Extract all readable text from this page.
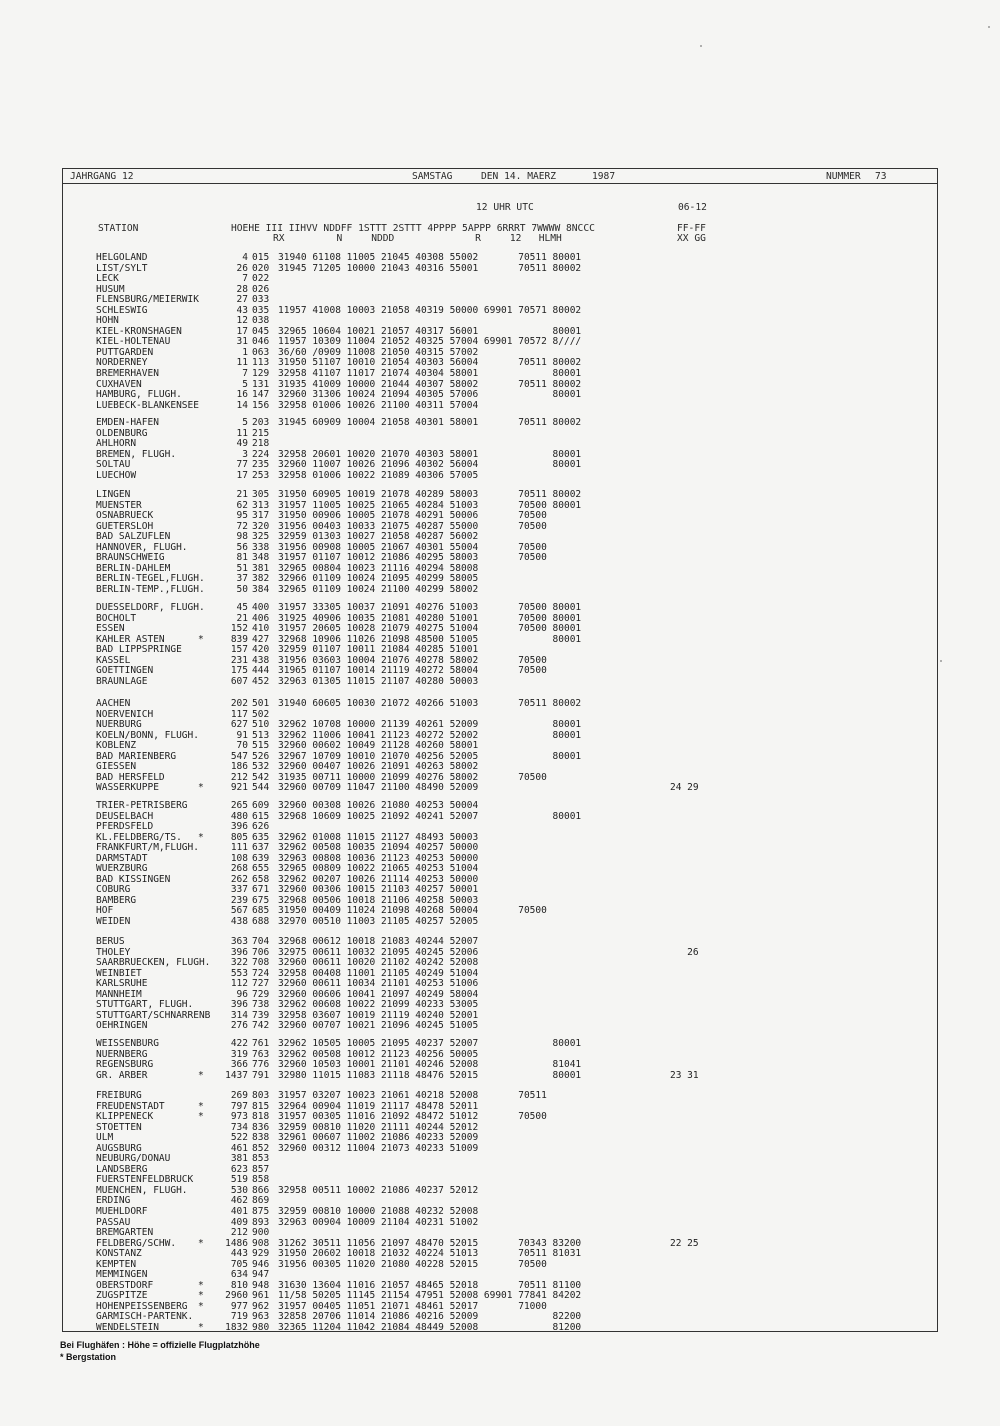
JAHRGANG 12	SAMSTAG	DEN 14. MAERZ	1987	NUMMER 73
12 UHR UTC	06-12
STATION	HOEHE III IIHVV NDDFF 1STTT 2STTT 4PPPP 5APPP 6RRRT 7WWWW 8NCCC
RX         N     NDDD              R     12   HLMH
FF-FF
XX GG
HELGOLAND	4 015 31940 61108 11005 21045 40308 55002       70511 80001
LIST/SYLT	26 020 31945 71205 10000 21043 40316 55001       70511 80002
LECK	7 022
HUSUM	28 026
FLENSBURG/MEIERWIK	27 033
SCHLESWIG	43 035 11957 41008 10003 21058 40319 50000 69901 70571 80002
HOHN	12 038
KIEL-KRONSHAGEN	17 045 32965 10604 10021 21057 40317 56001             80001
KIEL-HOLTENAU	31 046 11957 10309 11004 21052 40325 57004 69901 70572 8////
PUTTGARDEN	1 063 36/60 /0909 11008 21050 40315 57002
NORDERNEY	11 113 31950 51107 10010 21054 40303 56004       70511 80002
BREMERHAVEN	7 129 32958 41107 11017 21074 40304 58001             80001
CUXHAVEN	5 131 31935 41009 10000 21044 40307 58002       70511 80002
HAMBURG, FLUGH.	16 147 32960 31306 10024 21094 40305 57006             80001
LUEBECK-BLANKENSEE	14 156 32958 01006 10026 21100 40311 57004
EMDEN-HAFEN	5 203 31945 60909 10004 21058 40301 58001       70511 80002
OLDENBURG	11 215
AHLHORN	49 218
BREMEN, FLUGH.	3 224 32958 20601 10020 21070 40303 58001             80001
SOLTAU	77 235 32960 11007 10026 21096 40302 56004             80001
LUECHOW	17 253 32958 01006 10022 21089 40306 57005
LINGEN	21 305 31950 60905 10019 21078 40289 58003       70511 80002
MUENSTER	62 313 31957 11005 10025 21065 40284 51003       70500 80001
OSNABRUECK	95 317 31950 00906 10005 21078 40291 50006       70500
GUETERSLOH	72 320 31956 00403 10033 21075 40287 55000       70500
BAD SALZUFLEN	98 325 32959 01303 10027 21058 40287 56002
HANNOVER, FLUGH.	56 338 31956 00908 10005 21067 40301 55004       70500
BRAUNSCHWEIG	81 348 31957 01107 10012 21086 40295 58003       70500
BERLIN-DAHLEM	51 381 32965 00804 10023 21116 40294 58008
BERLIN-TEGEL,FLUGH.	37 382 32966 01109 10024 21095 40299 58005
BERLIN-TEMP.,FLUGH.	50 384 32965 01109 10024 21100 40299 58002
DUESSELDORF, FLUGH.	45 400 31957 33305 10037 21091 40276 51003       70500 80001
BOCHOLT	21 406 31925 40906 10035 21081 40280 51001       70500 80001
ESSEN	152 410 31957 20605 10028 21079 40275 51004       70500 80001
KAHLER ASTEN	*	839 427 32968 10906 11026 21098 48500 51005             80001
BAD LIPPSPRINGE	157 420 32959 01107 10011 21084 40285 51001
KASSEL	231 438 31956 03603 10004 21076 40278 58002       70500
GOETTINGEN	175 444 31965 01107 10014 21119 40272 58004       70500
BRAUNLAGE	607 452 32963 01305 11015 21107 40280 50003
AACHEN	202 501 31940 60605 10030 21072 40266 51003       70511 80002
NOERVENICH	117 502
NUERBURG	627 510 32962 10708 10000 21139 40261 52009             80001
KOELN/BONN, FLUGH.	91 513 32962 11006 10041 21123 40272 52002             80001
KOBLENZ	70 515 32960 00602 10049 21128 40260 58001
BAD MARIENBERG	547 526 32967 10709 10010 21070 40256 52005             80001
GIESSEN	186 532 32960 00407 10026 21091 40263 58002
BAD HERSFELD	212 542 31935 00711 10000 21099 40276 58002       70500
WASSERKUPPE	*	921 544 32960 00709 11047 21100 48490 52009	24 29
TRIER-PETRISBERG	265 609 32960 00308 10026 21080 40253 50004
DEUSELBACH	480 615 32968 10609 10025 21092 40241 52007             80001
PFERDSFELD	396 626
KL.FELDBERG/TS. *	805 635 32962 01008 11015 21127 48493 50003
FRANKFURT/M,FLUGH.	111 637 32962 00508 10035 21094 40257 50000
DARMSTADT	108 639 32963 00808 10036 21123 40253 50000
WUERZBURG	268 655 32965 00809 10022 21065 40253 51004
BAD KISSINGEN	262 658 32962 00207 10026 21114 40253 50000
COBURG	337 671 32960 00306 10015 21103 40257 50001
BAMBERG	239 675 32968 00506 10018 21106 40258 50003
HOF	567 685 31950 00409 11024 21098 40268 50004       70500
WEIDEN	438 688 32970 00510 11003 21105 40257 52005
BERUS	363 704 32968 00612 10018 21083 40244 52007
THOLEY	396 706 32975 00611 10032 21095 40245 52006	26
SAARBRUECKEN, FLUGH.	322 708 32960 00611 10020 21102 40242 52008
WEINBIET	553 724 32958 00408 11001 21105 40249 51004
KARLSRUHE	112 727 32960 00611 10034 21101 40253 51006
MANNHEIM	96 729 32960 00606 10041 21097 40249 58004
STUTTGART, FLUGH.	396 738 32962 00608 10022 21099 40233 53005
STUTTGART/SCHNARRENB	314 739 32958 03607 10019 21119 40240 52001
OEHRINGEN	276 742 32960 00707 10021 21096 40245 51005
WEISSENBURG	422 761 32962 10505 10005 21095 40237 52007             80001
NUERNBERG	319 763 32962 00508 10012 21123 40256 50005
REGENSBURG	366 776 32960 10503 10001 21101 40246 52008             81041
GR. ARBER	*	1437 791 32980 11015 11083 21118 48476 52015             80001	23 31
FREIBURG	269 803 31957 03207 10023 21061 40218 52008       70511
FREUDENSTADT	*	797 815 32964 00904 11019 21117 48478 52011
KLIPPENECK	*	973 818 31957 00305 11016 21092 48472 51012       70500
STOETTEN	734 836 32959 00810 11020 21111 40244 52012
ULM	522 838 32961 00607 11002 21086 40233 52009
AUGSBURG	461 852 32960 00312 11004 21073 40233 51009
NEUBURG/DONAU	381 853
LANDSBERG	623 857
FUERSTENFELDBRUCK	519 858
MUENCHEN, FLUGH.	530 866 32958 00511 10002 21086 40237 52012
ERDING	462 869
MUEHLDORF	401 875 32959 00810 10000 21088 40232 52008
PASSAU	409 893 32963 00904 10009 21104 40231 51002
BREMGARTEN	212 900
FELDBERG/SCHW. *	1486 908 31262 30511 11056 21097 48470 52015       70343 83200	22 25
KONSTANZ	443 929 31950 20602 10018 21032 40224 51013       70511 81031
KEMPTEN	705 946 31956 00305 11020 21080 40228 52015       70500
MEMMINGEN	634 947
OBERSTDORF	*	810 948 31630 13604 11016 21057 48465 52018       70511 81100
ZUGSPITZE	*	2960 961 11/58 50205 11145 21154 47951 52008 69901 77841 84202
HOHENPEISSENBERG *	977 962 31957 00405 11051 21071 48461 52017       71000
GARMISCH-PARTENK.	719 963 32858 20706 11014 21086 40216 52009             82200
WENDELSTEIN	*	1832 980 32365 11204 11042 21084 48449 52008             81200
Bei Flughäfen : Höhe = offizielle Flugplatzhöhe
* Bergstation
